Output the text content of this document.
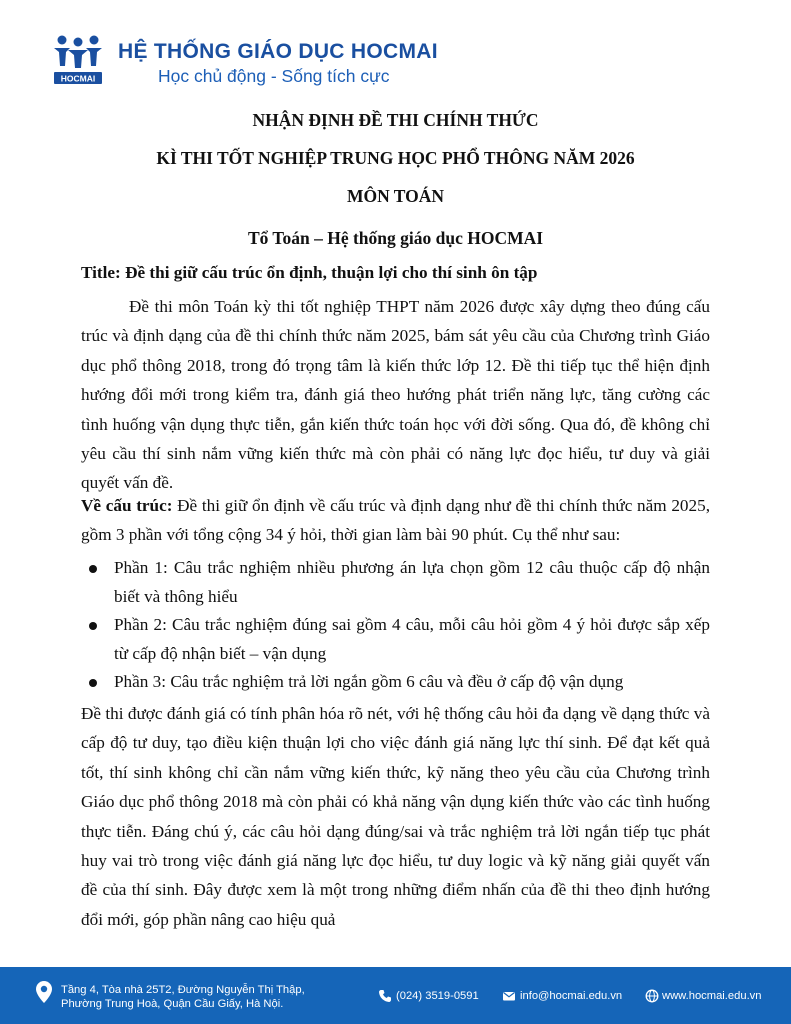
HOCMAI
HỆ THỐNG GIÁO DỤC HOCMAI
Học chủ động - Sống tích cực
NHẬN ĐỊNH ĐỀ THI CHÍNH THỨC
KÌ THI TỐT NGHIỆP TRUNG HỌC PHỔ THÔNG NĂM 2026
MÔN TOÁN
Tổ Toán – Hệ thống giáo dục HOCMAI
Title: Đề thi giữ cấu trúc ổn định, thuận lợi cho thí sinh ôn tập

Đề thi môn Toán kỳ thi tốt nghiệp THPT năm 2026 được xây dựng theo đúng cấu trúc và định dạng của đề thi chính thức năm 2025, bám sát yêu cầu của Chương trình Giáo dục phổ thông 2018, trong đó trọng tâm là kiến thức lớp 12. Đề thi tiếp tục thể hiện định hướng đổi mới trong kiểm tra, đánh giá theo hướng phát triển năng lực, tăng cường các tình huống vận dụng thực tiễn, gắn kiến thức toán học với đời sống. Qua đó, đề không chỉ yêu cầu thí sinh nắm vững kiến thức mà còn phải có năng lực đọc hiểu, tư duy và giải quyết vấn đề.

Về cấu trúc: Đề thi giữ ổn định về cấu trúc và định dạng như đề thi chính thức năm 2025, gồm 3 phần với tổng cộng 34 ý hỏi, thời gian làm bài 90 phút. Cụ thể như sau:

Phần 1: Câu trắc nghiệm nhiều phương án lựa chọn gồm 12 câu thuộc cấp độ nhận biết và thông hiểu
Phần 2: Câu trắc nghiệm đúng sai gồm 4 câu, mỗi câu hỏi gồm 4 ý hỏi được sắp xếp từ cấp độ nhận biết – vận dụng
Phần 3: Câu trắc nghiệm trả lời ngắn gồm 6 câu và đều ở cấp độ vận dụng

Đề thi được đánh giá có tính phân hóa rõ nét, với hệ thống câu hỏi đa dạng về dạng thức và cấp độ tư duy, tạo điều kiện thuận lợi cho việc đánh giá năng lực thí sinh. Để đạt kết quả tốt, thí sinh không chỉ cần nắm vững kiến thức, kỹ năng theo yêu cầu của Chương trình Giáo dục phổ thông 2018 mà còn phải có khả năng vận dụng kiến thức vào các tình huống thực tiễn. Đáng chú ý, các câu hỏi dạng đúng/sai và trắc nghiệm trả lời ngắn tiếp tục phát huy vai trò trong việc đánh giá năng lực đọc hiểu, tư duy logic và kỹ năng giải quyết vấn đề của thí sinh. Đây được xem là một trong những điểm nhấn của đề thi theo định hướng đổi mới, góp phần nâng cao hiệu quả

Tầng 4, Tòa nhà 25T2, Đường Nguyễn Thị Thập,
Phường Trung Hoà, Quận Cầu Giấy, Hà Nội.
(024) 3519-0591	info@hocmai.edu.vn	www.hocmai.edu.vn
